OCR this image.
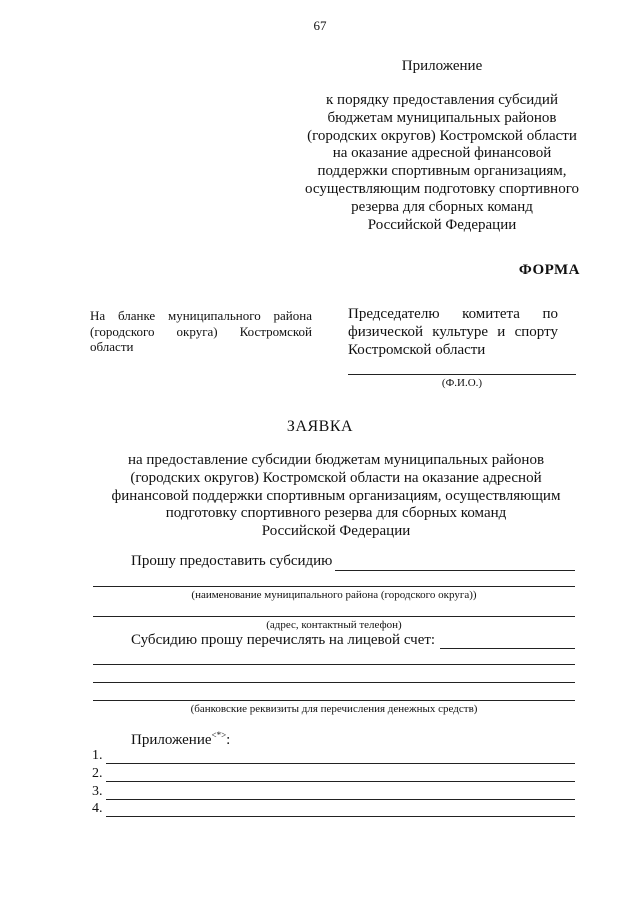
67
Приложение
к порядку предоставления субсидий
бюджетам муниципальных районов
(городских округов) Костромской области
на оказание адресной финансовой
поддержки спортивным организациям,
осуществляющим подготовку спортивного
резерва для сборных команд
Российской Федерации
ФОРМА
На бланке муниципального района
(городского округа) Костромской
области
Председателю комитета по
физической культуре и спорту
Костромской области
(Ф.И.О.)
ЗАЯВКА
на предоставление субсидии бюджетам муниципальных районов
(городских округов) Костромской области на оказание адресной
финансовой поддержки спортивным организациям, осуществляющим
подготовку спортивного резерва для сборных команд
Российской Федерации
Прошу предоставить субсидию
(наименование муниципального района (городского округа))
(адрес, контактный телефон)
Субсидию прошу перечислять на лицевой счет:
(банковские реквизиты для перечисления денежных средств)
Приложение<*>:
1.
2.
3.
4.
